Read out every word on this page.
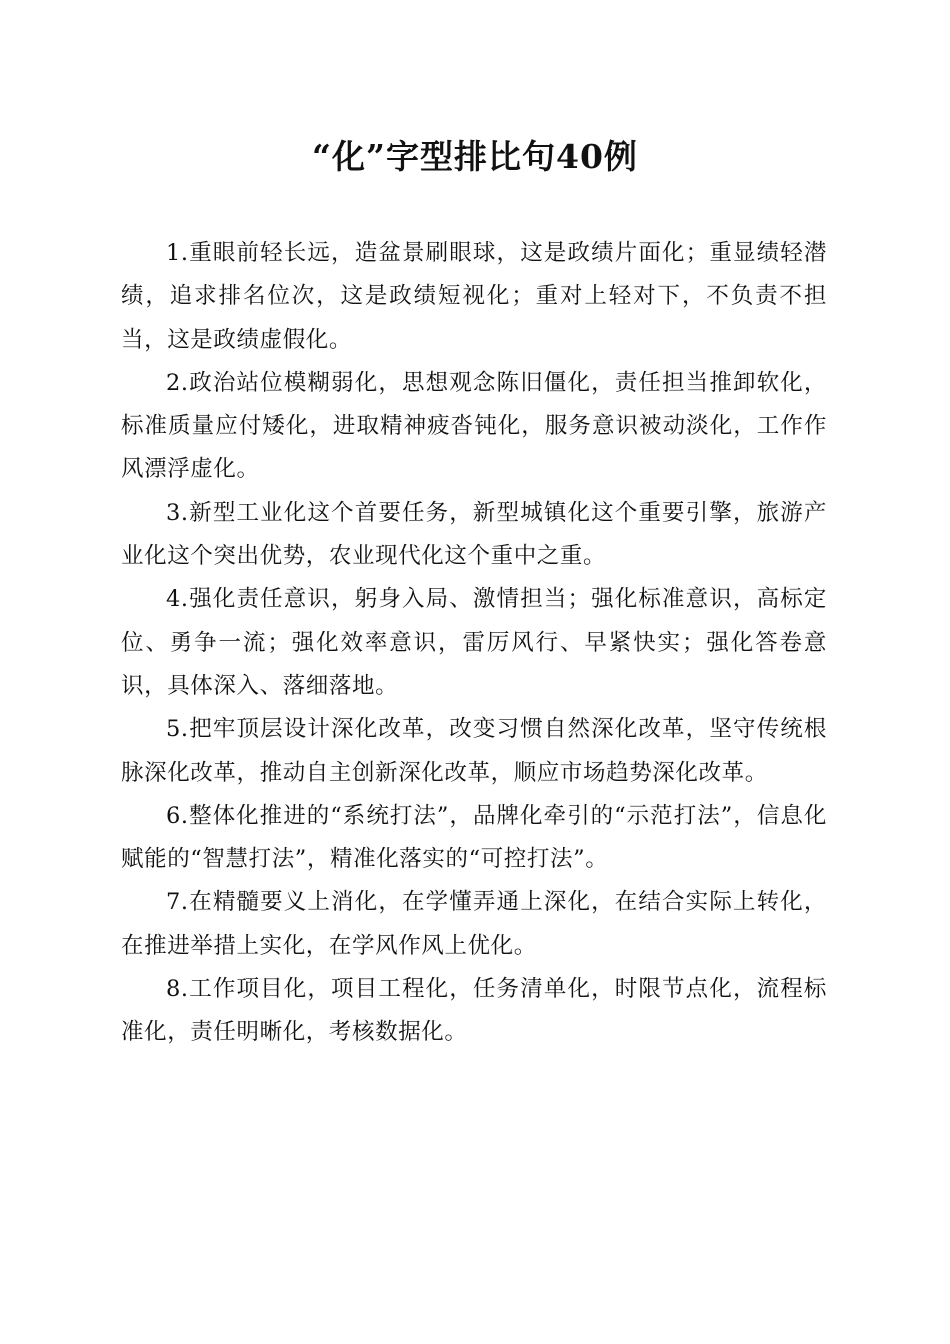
“化”字型排比句40例

1.重眼前轻长远，造盆景刷眼球，这是政绩片面化；重显绩轻潜绩，追求排名位次，这是政绩短视化；重对上轻对下，不负责不担当，这是政绩虚假化。

2.政治站位模糊弱化，思想观念陈旧僵化，责任担当推卸软化，标准质量应付矮化，进取精神疲沓钝化，服务意识被动淡化，工作作风漂浮虚化。

3.新型工业化这个首要任务，新型城镇化这个重要引擎，旅游产业化这个突出优势，农业现代化这个重中之重。

4.强化责任意识，躬身入局、激情担当；强化标准意识，高标定位、勇争一流；强化效率意识，雷厉风行、早紧快实；强化答卷意识，具体深入、落细落地。

5.把牢顶层设计深化改革，改变习惯自然深化改革，坚守传统根脉深化改革，推动自主创新深化改革，顺应市场趋势深化改革。

6.整体化推进的“系统打法”，品牌化牵引的“示范打法”，信息化赋能的“智慧打法”，精准化落实的“可控打法”。

7.在精髓要义上消化，在学懂弄通上深化，在结合实际上转化，在推进举措上实化，在学风作风上优化。

8.工作项目化，项目工程化，任务清单化，时限节点化，流程标准化，责任明晰化，考核数据化。
